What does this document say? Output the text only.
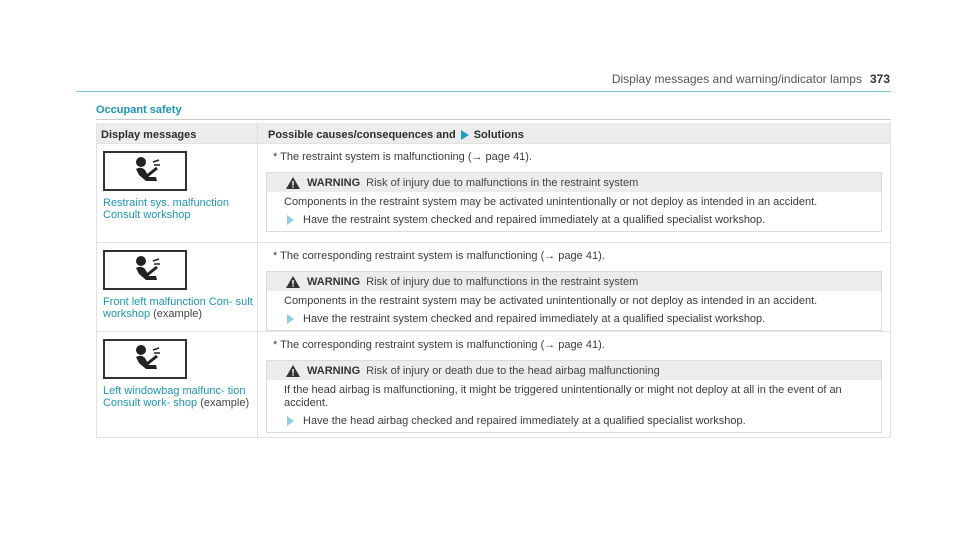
Display messages and warning/indicator lamps 373
Occupant safety
Display messages	Possible causes/consequences and Solutions
Restraint sys. malfunction Consult workshop
* The restraint system is malfunctioning (→ page 41).
WARNING Risk of injury due to malfunctions in the restraint system
Components in the restraint system may be activated unintentionally or not deploy as intended in an accident.
Have the restraint system checked and repaired immediately at a qualified specialist workshop.
Front left malfunction Con- sult workshop (example)
* The corresponding restraint system is malfunctioning (→ page 41).
WARNING Risk of injury due to malfunctions in the restraint system
Components in the restraint system may be activated unintentionally or not deploy as intended in an accident.
Have the restraint system checked and repaired immediately at a qualified specialist workshop.
Left windowbag malfunc- tion Consult work- shop (example)
* The corresponding restraint system is malfunctioning (→ page 41).
WARNING Risk of injury or death due to the head airbag malfunctioning
If the head airbag is malfunctioning, it might be triggered unintentionally or might not deploy at all in the event of an accident.
Have the head airbag checked and repaired immediately at a qualified specialist workshop.
